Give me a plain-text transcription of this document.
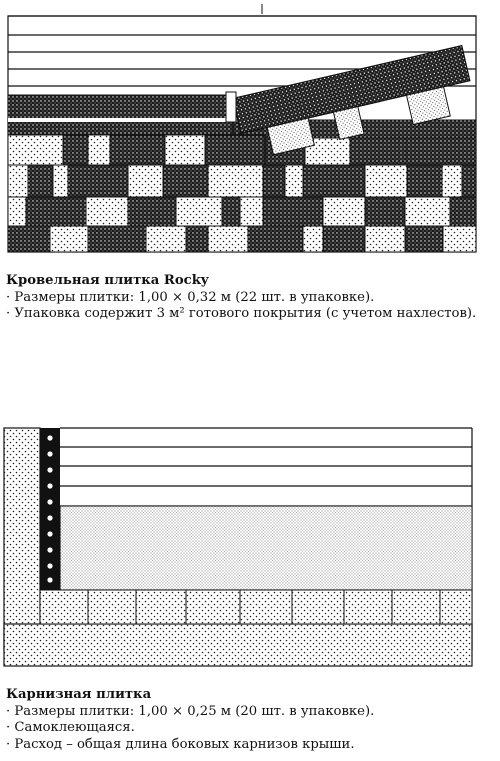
Кровельная плитка Rocky
· Размеры плитки: 1,00 × 0,32 м (22 шт. в упаковке).
· Упаковка содержит 3 м² готового покрытия (с учетом нахлестов).
Карнизная плитка
· Размеры плитки: 1,00 × 0,25 м (20 шт. в упаковке).
· Самоклеющаяся.
· Расход – общая длина боковых карнизов крыши.
